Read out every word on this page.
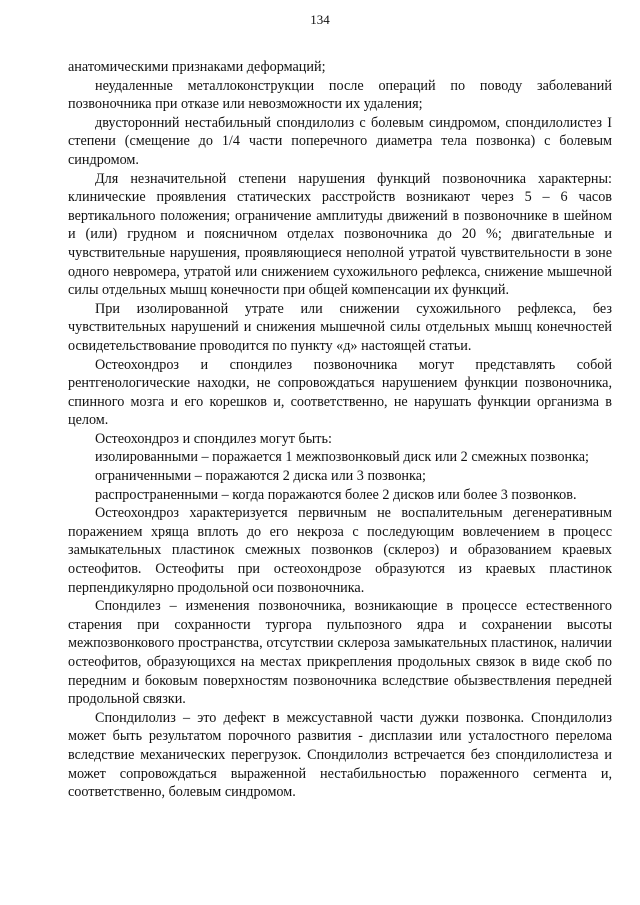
134

анатомическими признаками деформаций;

неудаленные металлоконструкции после операций по поводу заболеваний позвоночника при отказе или невозможности их удаления;

двусторонний нестабильный спондилолиз с болевым синдромом, спондилолистез I степени (смещение до 1/4 части поперечного диаметра тела позвонка) с болевым синдромом.

Для незначительной степени нарушения функций позвоночника характерны: клинические проявления статических расстройств возникают через 5 – 6 часов вертикального положения; ограничение амплитуды движений в позвоночнике в шейном и (или) грудном и поясничном отделах позвоночника до 20 %; двигательные и чувствительные нарушения, проявляющиеся неполной утратой чувствительности в зоне одного невромера, утратой или снижением сухожильного рефлекса, снижение мышечной силы отдельных мышц конечности при общей компенсации их функций.

При изолированной утрате или снижении сухожильного рефлекса, без чувствительных нарушений и снижения мышечной силы отдельных мышц конечностей освидетельствование проводится по пункту «д» настоящей статьи.

Остеохондроз и спондилез позвоночника могут представлять собой рентгенологические находки, не сопровождаться нарушением функции позвоночника, спинного мозга и его корешков и, соответственно, не нарушать функции организма в целом.

Остеохондроз и спондилез могут быть:

изолированными – поражается 1 межпозвонковый диск или 2 смежных позвонка;

ограниченными – поражаются 2 диска или 3 позвонка;

распространенными – когда поражаются более 2 дисков или более 3 позвонков.

Остеохондроз характеризуется первичным не воспалительным дегенеративным поражением хряща вплоть до его некроза с последующим вовлечением в процесс замыкательных пластинок смежных позвонков (склероз) и образованием краевых остеофитов. Остеофиты при остеохондрозе образуются из краевых пластинок перпендикулярно продольной оси позвоночника.

Спондилез – изменения позвоночника, возникающие в процессе естественного старения при сохранности тургора пульпозного ядра и сохранении высоты межпозвонкового пространства, отсутствии склероза замыкательных пластинок, наличии остеофитов, образующихся на местах прикрепления продольных связок в виде скоб по передним и боковым поверхностям позвоночника вследствие обызвествления передней продольной связки.

Спондилолиз – это дефект в межсуставной части дужки позвонка. Спондилолиз может быть результатом порочного развития - дисплазии или усталостного перелома вследствие механических перегрузок. Спондилолиз встречается без спондилолистеза и может сопровождаться выраженной нестабильностью пораженного сегмента и, соответственно, болевым синдромом.
